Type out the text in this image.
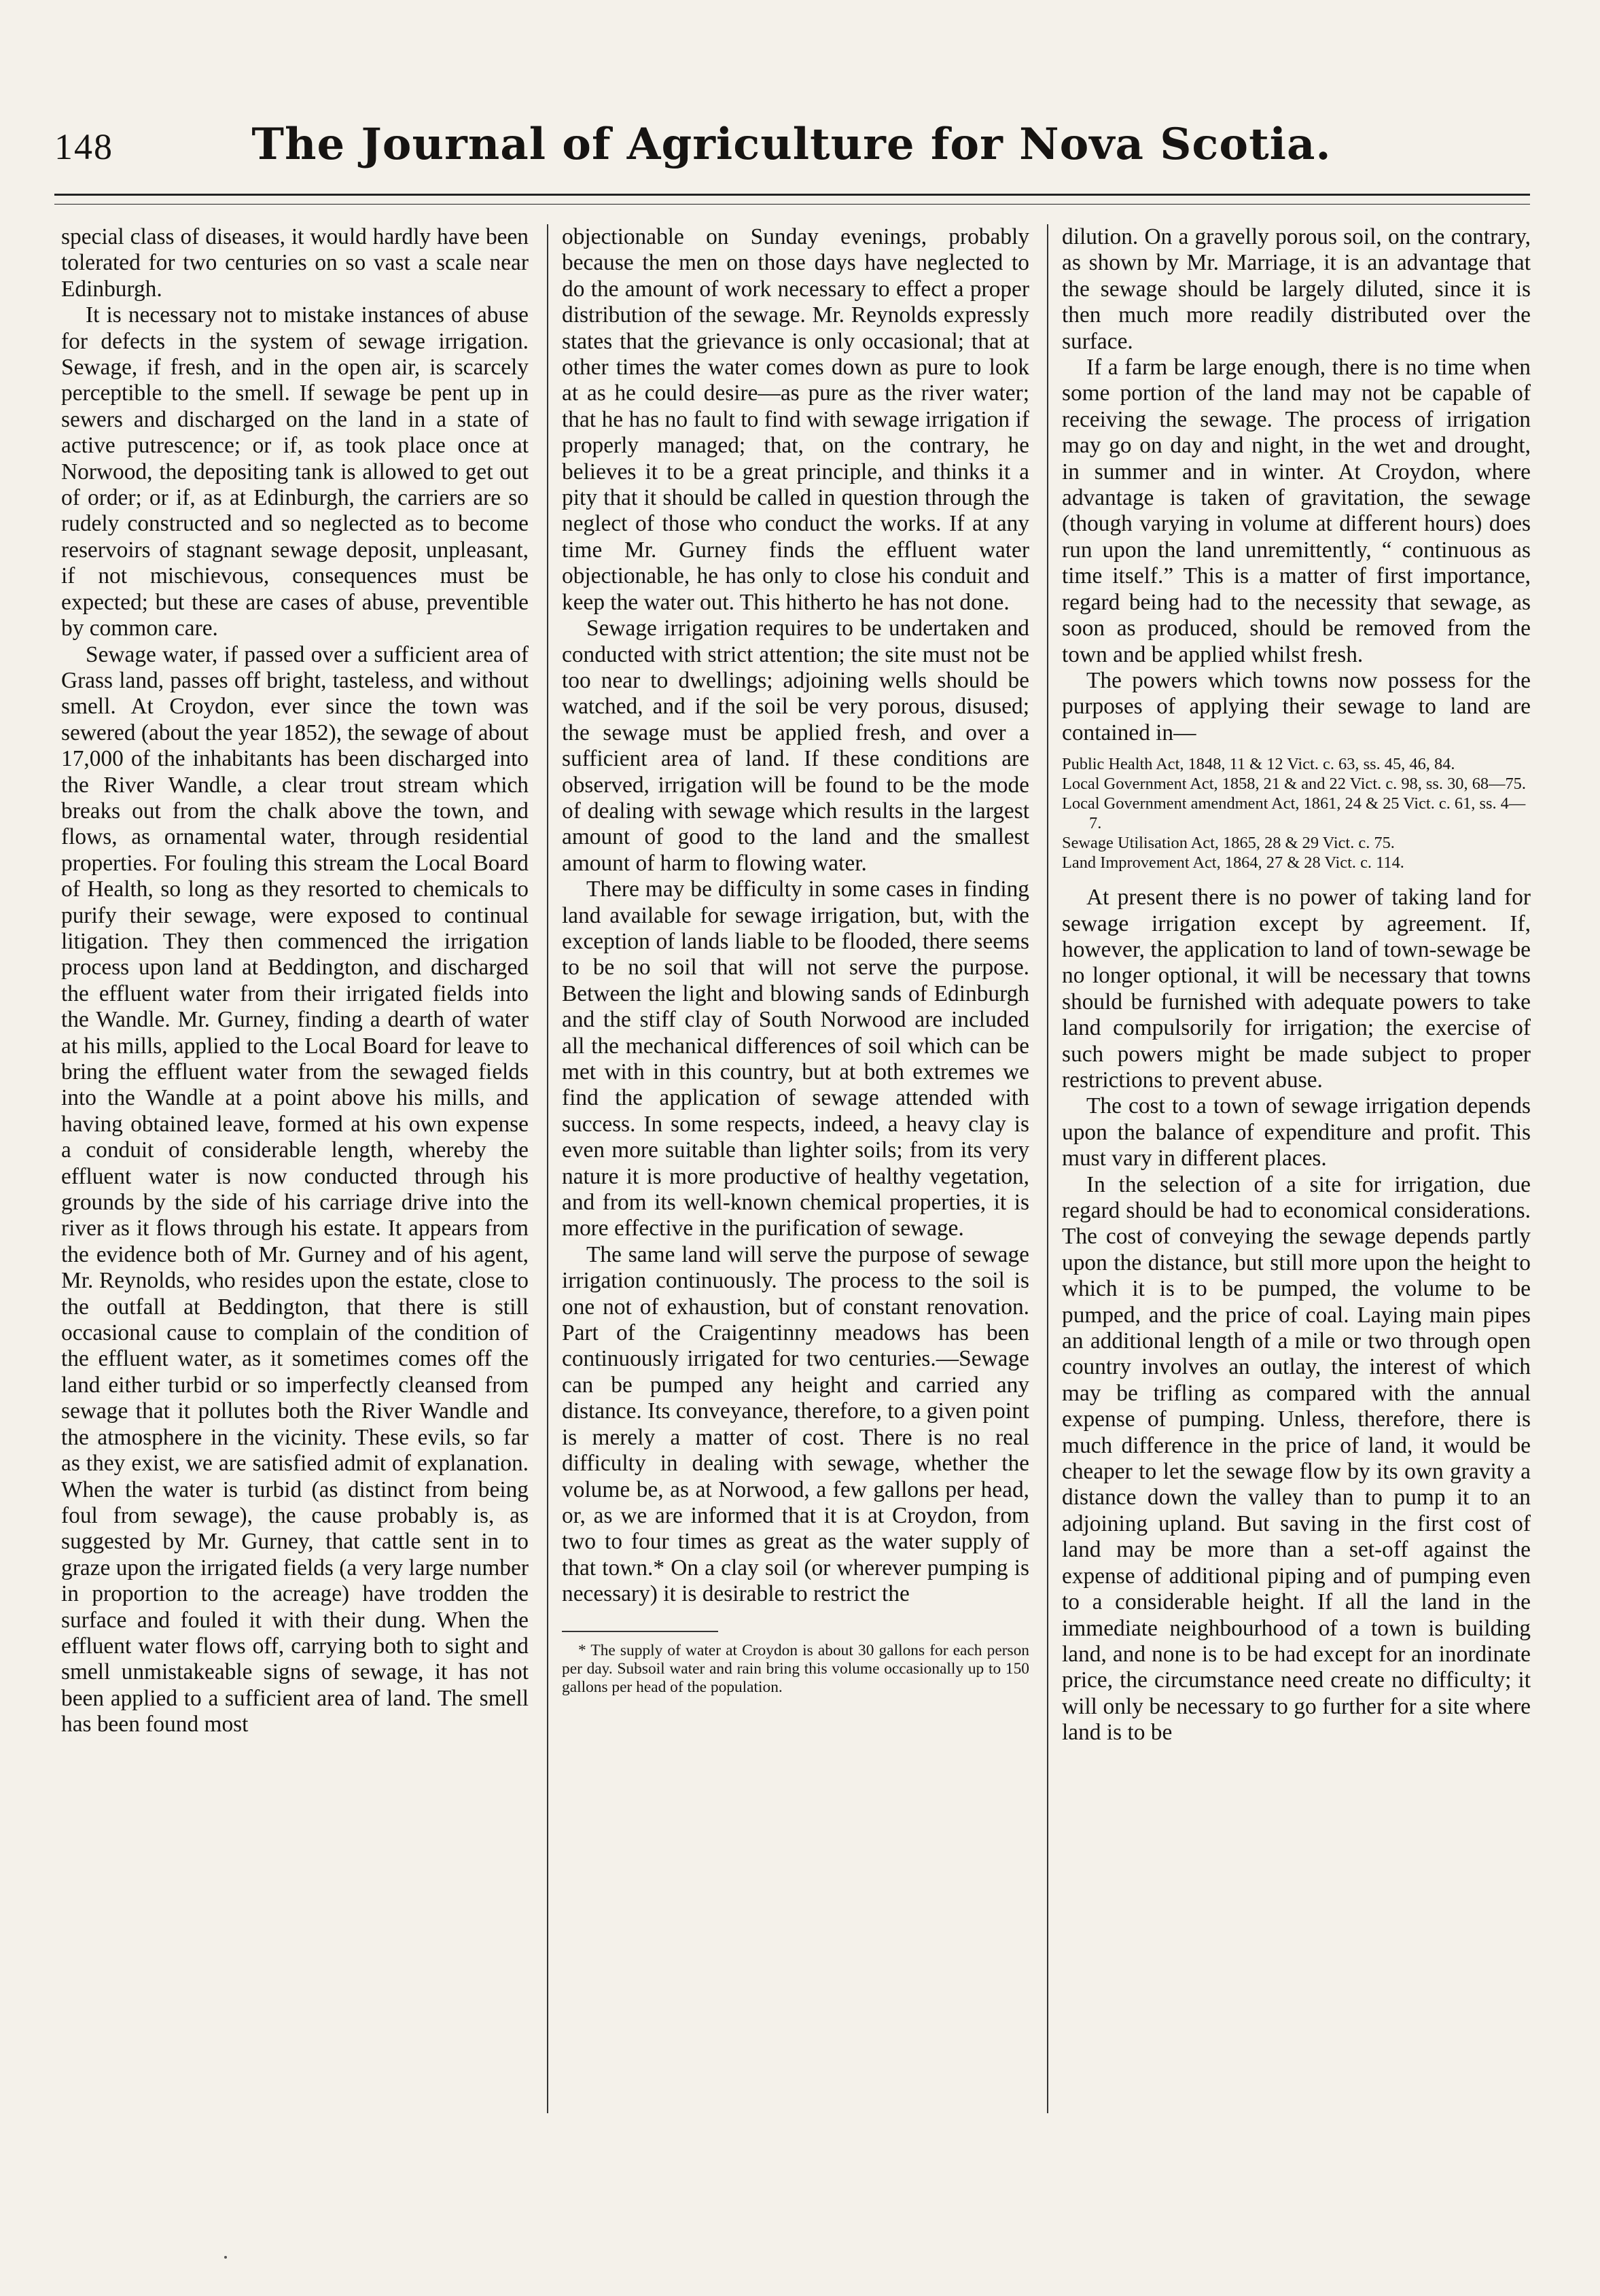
148	The Journal of Agriculture for Nova Scotia.

special class of diseases, it would hardly have been tolerated for two centuries on so vast a scale near Edinburgh.

It is necessary not to mistake instances of abuse for defects in the system of sewage irrigation. Sewage, if fresh, and in the open air, is scarcely perceptible to the smell. If sewage be pent up in sewers and discharged on the land in a state of active putrescence; or if, as took place once at Norwood, the depositing tank is allowed to get out of order; or if, as at Edinburgh, the carriers are so rudely constructed and so neglected as to become reservoirs of stagnant sewage deposit, unpleasant, if not mischievous, consequences must be expected; but these are cases of abuse, preventible by common care.

Sewage water, if passed over a sufficient area of Grass land, passes off bright, tasteless, and without smell. At Croydon, ever since the town was sewered (about the year 1852), the sewage of about 17,000 of the inhabitants has been discharged into the River Wandle, a clear trout stream which breaks out from the chalk above the town, and flows, as ornamental water, through residential properties. For fouling this stream the Local Board of Health, so long as they resorted to chemicals to purify their sewage, were exposed to continual litigation. They then commenced the irrigation process upon land at Beddington, and discharged the effluent water from their irrigated fields into the Wandle. Mr. Gurney, finding a dearth of water at his mills, applied to the Local Board for leave to bring the effluent water from the sewaged fields into the Wandle at a point above his mills, and having obtained leave, formed at his own expense a conduit of considerable length, whereby the effluent water is now conducted through his grounds by the side of his carriage drive into the river as it flows through his estate. It appears from the evidence both of Mr. Gurney and of his agent, Mr. Reynolds, who resides upon the estate, close to the outfall at Beddington, that there is still occasional cause to complain of the condition of the effluent water, as it sometimes comes off the land either turbid or so imperfectly cleansed from sewage that it pollutes both the River Wandle and the atmosphere in the vicinity. These evils, so far as they exist, we are satisfied admit of explanation. When the water is turbid (as distinct from being foul from sewage), the cause probably is, as suggested by Mr. Gurney, that cattle sent in to graze upon the irrigated fields (a very large number in proportion to the acreage) have trodden the surface and fouled it with their dung. When the effluent water flows off, carrying both to sight and smell unmistakeable signs of sewage, it has not been applied to a sufficient area of land. The smell has been found most

objectionable on Sunday evenings, probably because the men on those days have neglected to do the amount of work necessary to effect a proper distribution of the sewage. Mr. Reynolds expressly states that the grievance is only occasional; that at other times the water comes down as pure to look at as he could desire—as pure as the river water; that he has no fault to find with sewage irrigation if properly managed; that, on the contrary, he believes it to be a great principle, and thinks it a pity that it should be called in question through the neglect of those who conduct the works. If at any time Mr. Gurney finds the effluent water objectionable, he has only to close his conduit and keep the water out. This hitherto he has not done.

Sewage irrigation requires to be undertaken and conducted with strict attention; the site must not be too near to dwellings; adjoining wells should be watched, and if the soil be very porous, disused; the sewage must be applied fresh, and over a sufficient area of land. If these conditions are observed, irrigation will be found to be the mode of dealing with sewage which results in the largest amount of good to the land and the smallest amount of harm to flowing water.

There may be difficulty in some cases in finding land available for sewage irrigation, but, with the exception of lands liable to be flooded, there seems to be no soil that will not serve the purpose. Between the light and blowing sands of Edinburgh and the stiff clay of South Norwood are included all the mechanical differences of soil which can be met with in this country, but at both extremes we find the application of sewage attended with success. In some respects, indeed, a heavy clay is even more suitable than lighter soils; from its very nature it is more productive of healthy vegetation, and from its well-known chemical properties, it is more effective in the purification of sewage.

The same land will serve the purpose of sewage irrigation continuously. The process to the soil is one not of exhaustion, but of constant renovation. Part of the Craigentinny meadows has been continuously irrigated for two centuries.—Sewage can be pumped any height and carried any distance. Its conveyance, therefore, to a given point is merely a matter of cost. There is no real difficulty in dealing with sewage, whether the volume be, as at Norwood, a few gallons per head, or, as we are informed that it is at Croydon, from two to four times as great as the water supply of that town.* On a clay soil (or wherever pumping is necessary) it is desirable to restrict the

* The supply of water at Croydon is about 30 gallons for each person per day. Subsoil water and rain bring this volume occasionally up to 150 gallons per head of the population.

dilution. On a gravelly porous soil, on the contrary, as shown by Mr. Marriage, it is an advantage that the sewage should be largely diluted, since it is then much more readily distributed over the surface.

If a farm be large enough, there is no time when some portion of the land may not be capable of receiving the sewage. The process of irrigation may go on day and night, in the wet and drought, in summer and in winter. At Croydon, where advantage is taken of gravitation, the sewage (though varying in volume at different hours) does run upon the land unremittently, “ continuous as time itself.” This is a matter of first importance, regard being had to the necessity that sewage, as soon as produced, should be removed from the town and be applied whilst fresh.

The powers which towns now possess for the purposes of applying their sewage to land are contained in—

Public Health Act, 1848, 11 & 12 Vict. c. 63, ss. 45, 46, 84.
Local Government Act, 1858, 21 & and 22 Vict. c. 98, ss. 30, 68—75.
Local Government amendment Act, 1861, 24 & 25 Vict. c. 61, ss. 4—7.
Sewage Utilisation Act, 1865, 28 & 29 Vict. c. 75.
Land Improvement Act, 1864, 27 & 28 Vict. c. 114.

At present there is no power of taking land for sewage irrigation except by agreement. If, however, the application to land of town-sewage be no longer optional, it will be necessary that towns should be furnished with adequate powers to take land compulsorily for irrigation; the exercise of such powers might be made subject to proper restrictions to prevent abuse.

The cost to a town of sewage irrigation depends upon the balance of expenditure and profit. This must vary in different places.

In the selection of a site for irrigation, due regard should be had to economical considerations. The cost of conveying the sewage depends partly upon the distance, but still more upon the height to which it is to be pumped, the volume to be pumped, and the price of coal. Laying main pipes an additional length of a mile or two through open country involves an outlay, the interest of which may be trifling as compared with the annual expense of pumping. Unless, therefore, there is much difference in the price of land, it would be cheaper to let the sewage flow by its own gravity a distance down the valley than to pump it to an adjoining upland. But saving in the first cost of land may be more than a set-off against the expense of additional piping and of pumping even to a considerable height. If all the land in the immediate neighbourhood of a town is building land, and none is to be had except for an inordinate price, the circumstance need create no difficulty; it will only be necessary to go further for a site where land is to be
